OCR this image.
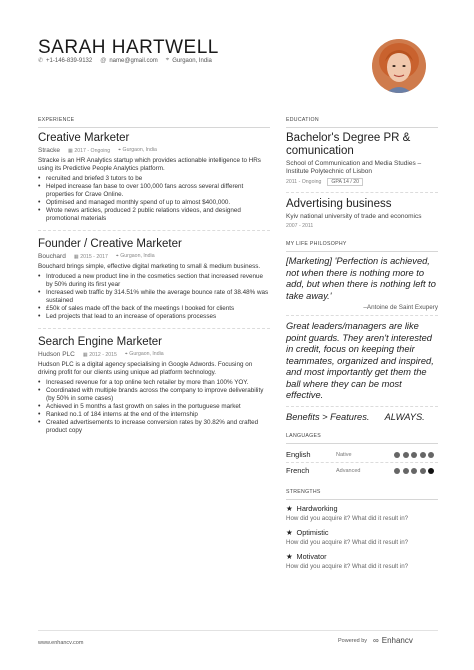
SARAH HARTWELL
✆ +1-146-839-9132 @ name@gmail.com ⌖ Gurgaon, India
EXPERIENCE
Creative Marketer
Stracke ▦ 2017 - Ongoing ⌖ Gurgaon, India
Stracke is an HR Analytics startup which provides actionable intelligence to HRs using its Predictive People Analytics platform.
• recruited and briefed 3 tutors to be
• Helped increase fan base to over 100,000 fans across several different properties for Crave Online.
• Optimised and managed monthly spend of up to almost $400,000.
• Wrote news articles, produced 2 public relations videos, and designed promotional materials
Founder / Creative Marketer
Bouchard ▦ 2015 - 2017 ⌖ Gurgaon, India
Bouchard brings simple, effective digital marketing to small & medium business.
• Introduced a new product line in the cosmetics section that increased revenue by 50% during its first year
• Increased web traffic by 314.51% while the average bounce rate of 38.48% was sustained
• £50k of sales made off the back of the meetings I booked for clients
• Led projects that lead to an increase of operations processes
Search Engine Marketer
Hudson PLC ▦ 2012 - 2015 ⌖ Gurgaon, India
Hudson PLC is a digital agency specialising in Google Adwords. Focusing on driving profit for our clients using unique ad platform technology.
• Increased revenue for a top online tech retailer by more than 100% YOY.
• Coordinated with multiple brands across the company to improve deliverability (by 50% in some cases)
• Achieved in 5 months a fast growth on sales in the portuguese market
• Ranked no.1 of 184 interns at the end of the internship
• Created advertisements to increase conversion rates by 30.82% and crafted product copy
EDUCATION
Bachelor's Degree PR & comunication
School of Communication and Media Studies –Institute Polytechnic of Lisbon
2011 - Ongoing	GPA 14 / 20
Advertising business
Kyiv national university of trade and economics
2007 - 2011
MY LIFE PHILOSOPHY
[Marketing] 'Perfection is achieved, not when there is nothing more to add, but when there is nothing left to take away.'
–Antoine de Saint Exupery
Great leaders/managers are like point guards. They aren't interested in credit, focus on keeping their teammates, organized and inspired, and most importantly get them the ball where they can be most effective.
Benefits > Features.      ALWAYS.
LANGUAGES
English	Native
French	Advanced
STRENGTHS
★ Hardworking
How did you acquire it? What did it result in?
★ Optimistic
How did you acquire it? What did it result in?
★ Motivator
How did you acquire it? What did it result in?
www.enhancv.com	Powered by ∞ Enhancv
